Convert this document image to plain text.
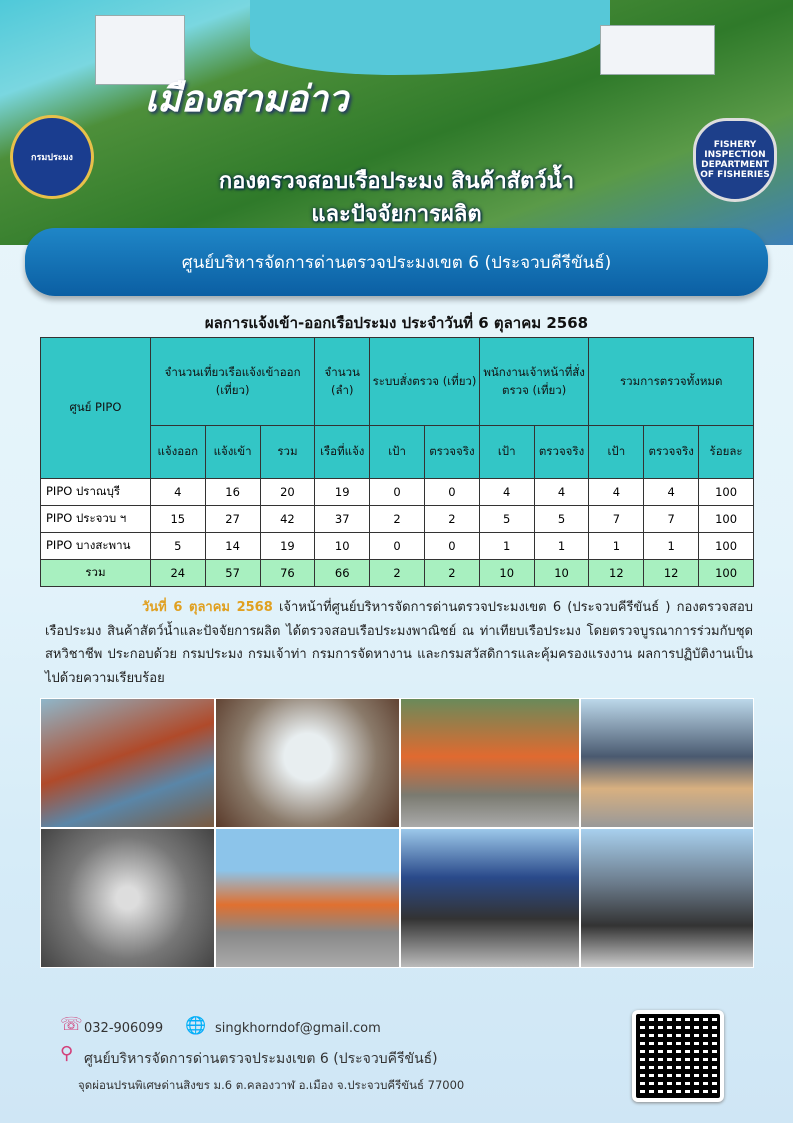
เมืองสามอ่าว
กรมประมง
FISHERY INSPECTION DEPARTMENT OF FISHERIES
กองตรวจสอบเรือประมง สินค้าสัตว์น้ำ
และปัจจัยการผลิต
ศูนย์บริหารจัดการด่านตรวจประมงเขต 6 (ประจวบคีรีขันธ์)
ผลการแจ้งเข้า-ออกเรือประมง ประจำวันที่ 6 ตุลาคม 2568
ศูนย์ PIPO	จำนวนเที่ยวเรือแจ้งเข้าออก (เที่ยว)			จำนวน (ลำ)	ระบบสั่งตรวจ (เที่ยว)		พนักงานเจ้าหน้าที่สั่งตรวจ (เที่ยว)		รวมการตรวจทั้งหมด		
	แจ้งออก	แจ้งเข้า	รวม	เรือที่แจ้ง	เป้า	ตรวจจริง	เป้า	ตรวจจริง	เป้า	ตรวจจริง	ร้อยละ
PIPO ปราณบุรี	4	16	20	19	0	0	4	4	4	4	100
PIPO ประจวบ ฯ	15	27	42	37	2	2	5	5	7	7	100
PIPO บางสะพาน	5	14	19	10	0	0	1	1	1	1	100
รวม	24	57	76	66	2	2	10	10	12	12	100
วันที่ 6 ตุลาคม 2568 เจ้าหน้าที่ศูนย์บริหารจัดการด่านตรวจประมงเขต 6 (ประจวบคีรีขันธ์ ) กองตรวจสอบเรือประมง สินค้าสัตว์น้ำและปัจจัยการผลิต ได้ตรวจสอบเรือประมงพาณิชย์ ณ ท่าเทียบเรือประมง โดยตรวจบูรณาการร่วมกับชุดสหวิชาชีพ ประกอบด้วย กรมประมง กรมเจ้าท่า กรมการจัดหางาน และกรมสวัสดิการและคุ้มครองแรงงาน ผลการปฏิบัติงานเป็นไปด้วยความเรียบร้อย
☏ 032-906099 🌐 singkhorndof@gmail.com
⚲ ศูนย์บริหารจัดการด่านตรวจประมงเขต 6 (ประจวบคีรีขันธ์)
จุดผ่อนปรนพิเศษด่านสิงขร ม.6 ต.คลองวาฬ อ.เมือง จ.ประจวบคีรีขันธ์ 77000
